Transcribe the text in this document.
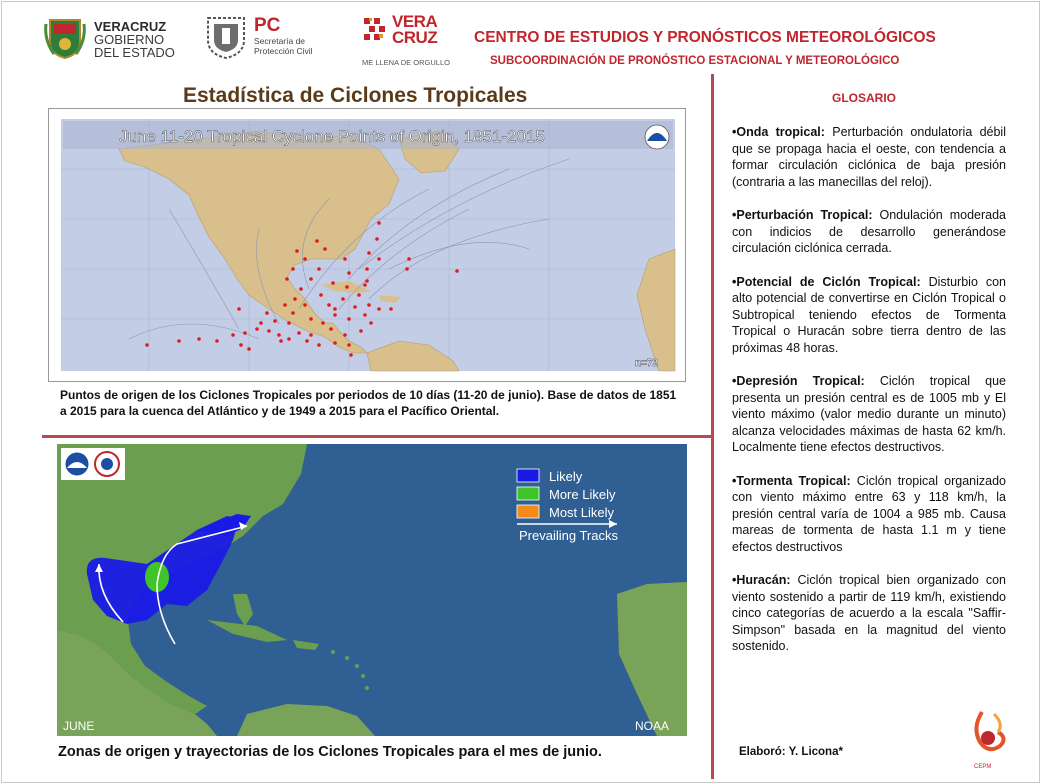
VERACRUZ
GOBIERNO
DEL ESTADO
PC
Secretaría de
Protección Civil
VERA
CRUZ
ME LLENA DE ORGULLO
CENTRO DE ESTUDIOS Y PRONÓSTICOS METEOROLÓGICOS
SUBCOORDINACIÓN DE PRONÓSTICO ESTACIONAL Y METEOROLÓGICO
Estadística de Ciclones Tropicales
June 11-20 Tropical Cyclone Points of Origin, 1851-2015
n=72
Puntos de origen de los Ciclones Tropicales por periodos de 10 días (11-20 de junio). Base de datos de 1851 a 2015 para la cuenca del Atlántico y de 1949 a 2015 para el Pacífico Oriental.
Likely
More Likely
Most Likely
Prevailing Tracks
JUNE	NOAA
Zonas de origen y trayectorias de los Ciclones Tropicales para el mes de junio.
GLOSARIO
•Onda tropical: Perturbación ondulatoria débil que se propaga hacia el oeste, con tendencia a formar circulación ciclónica de baja presión (contraria a las manecillas del reloj).
•Perturbación Tropical: Ondulación moderada con indicios de desarrollo generándose circulación ciclónica cerrada.
•Potencial de Ciclón Tropical: Disturbio con alto potencial de convertirse en Ciclón Tropical o Subtropical teniendo efectos de Tormenta Tropical o Huracán sobre tierra dentro de las próximas 48 horas.
•Depresión Tropical: Ciclón tropical que presenta un presión central es de 1005 mb y El viento máximo (valor medio durante un minuto) alcanza velocidades máximas de hasta 62 km/h. Localmente tiene efectos destructivos.
•Tormenta Tropical: Ciclón tropical organizado con viento máximo entre 63 y 118 km/h, la presión central varía de 1004 a 985 mb. Causa mareas de tormenta de hasta 1.1 m y tiene efectos destructivos
•Huracán: Ciclón tropical bien organizado con viento sostenido a partir de 119 km/h, existiendo cinco categorías de acuerdo a la escala "Saffir-Simpson" basada en la magnitud del viento sostenido.
Elaboró: Y. Licona*
CEPM
